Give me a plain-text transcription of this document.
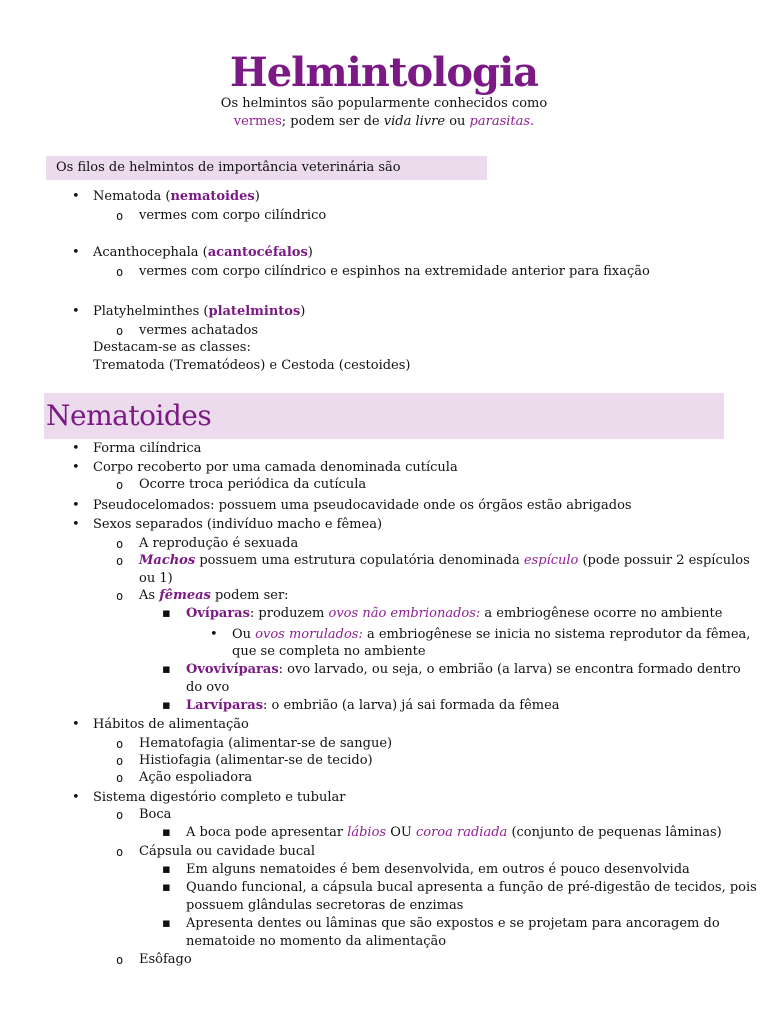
Helmintologia
Os helmintos são popularmente conhecidos como
vermes; podem ser de vida livre ou parasitas.
Os filos de helmintos de importância veterinária são
• Nematoda (nematoides)
o vermes com corpo cilíndrico
• Acanthocephala (acantocéfalos)
o vermes com corpo cilíndrico e espinhos na extremidade anterior para fixação
• Platyhelminthes (platelmintos)
o vermes achatados
Destacam-se as classes:
Trematoda (Trematódeos) e Cestoda (cestoides)
Nematoides
• Forma cilíndrica
• Corpo recoberto por uma camada denominada cutícula
o Ocorre troca periódica da cutícula
• Pseudocelomados: possuem uma pseudocavidade onde os órgãos estão abrigados
• Sexos separados (indivíduo macho e fêmea)
o A reprodução é sexuada
o Machos possuem uma estrutura copulatória denominada espículo (pode possuir 2 espículos
ou 1)
o As fêmeas podem ser:
▪ Ovíparas: produzem ovos não embrionados: a embriogênese ocorre no ambiente
• Ou ovos morulados: a embriogênese se inicia no sistema reprodutor da fêmea,
que se completa no ambiente
▪ Ovovivíparas: ovo larvado, ou seja, o embrião (a larva) se encontra formado dentro
do ovo
▪ Larvíparas: o embrião (a larva) já sai formada da fêmea
• Hábitos de alimentação
o Hematofagia (alimentar-se de sangue)
o Histiofagia (alimentar-se de tecido)
o Ação espoliadora
• Sistema digestório completo e tubular
o Boca
▪ A boca pode apresentar lábios OU coroa radiada (conjunto de pequenas lâminas)
o Cápsula ou cavidade bucal
▪ Em alguns nematoides é bem desenvolvida, em outros é pouco desenvolvida
▪ Quando funcional, a cápsula bucal apresenta a função de pré-digestão de tecidos, pois
possuem glândulas secretoras de enzimas
▪ Apresenta dentes ou lâminas que são expostos e se projetam para ancoragem do
nematoide no momento da alimentação
o Esôfago
